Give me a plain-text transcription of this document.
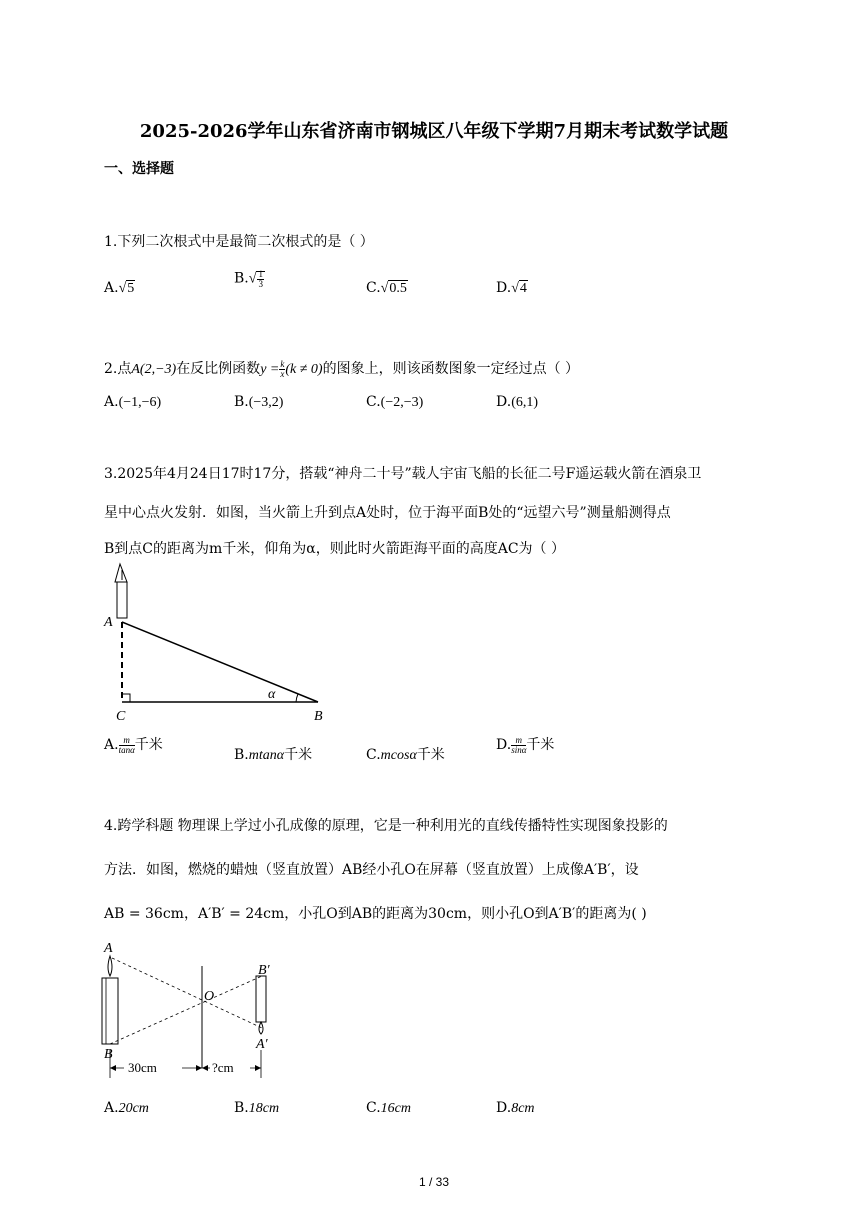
2025-2026学年山东省济南市钢城区八年级下学期7月期末考试数学试题
一、选择题
1.下列二次根式中是最简二次根式的是（ ）
A.√5
$B.√ \frac{1}{3}$	C.√0.5	D.√4
2.点A(2,−3)在反比例函数$y = \frac{k}{x} (k \ne 0)$的图象上，则该函数图象一定经过点（ ）
A.(−1,−6)	B.(−3,2)	C.(−2,−3)	D.(6,1)
3.2025年4月24日17时17分，搭载“神舟二十号”载人宇宙飞船的长征二号F遥运载火箭在酒泉卫
星中心点火发射．如图，当火箭上升到点A处时，位于海平面B处的“远望六号”测量船测得点
B到点C的距离为m千米，仰角为α，则此时火箭距海平面的高度AC为（ ）
A
C	B
α
A. $\frac{m}{\tan\alpha}$ 千米
B.mtanα千米	C.mcosα千米
D. $\frac{m}{\sin\alpha}$ 千米
4.跨学科题 物理课上学过小孔成像的原理，它是一种利用光的直线传播特性实现图象投影的
方法．如图，燃烧的蜡烛（竖直放置）AB经小孔O在屏幕（竖直放置）上成像A′B′，设
AB = 36cm，A′B′ = 24cm，小孔O到AB的距离为30cm，则小孔O到A′B′的距离为( )
A
B
O
B′
A′
30cm	?cm
A.20cm	B.18cm	C.16cm	D.8cm
1 / 33
